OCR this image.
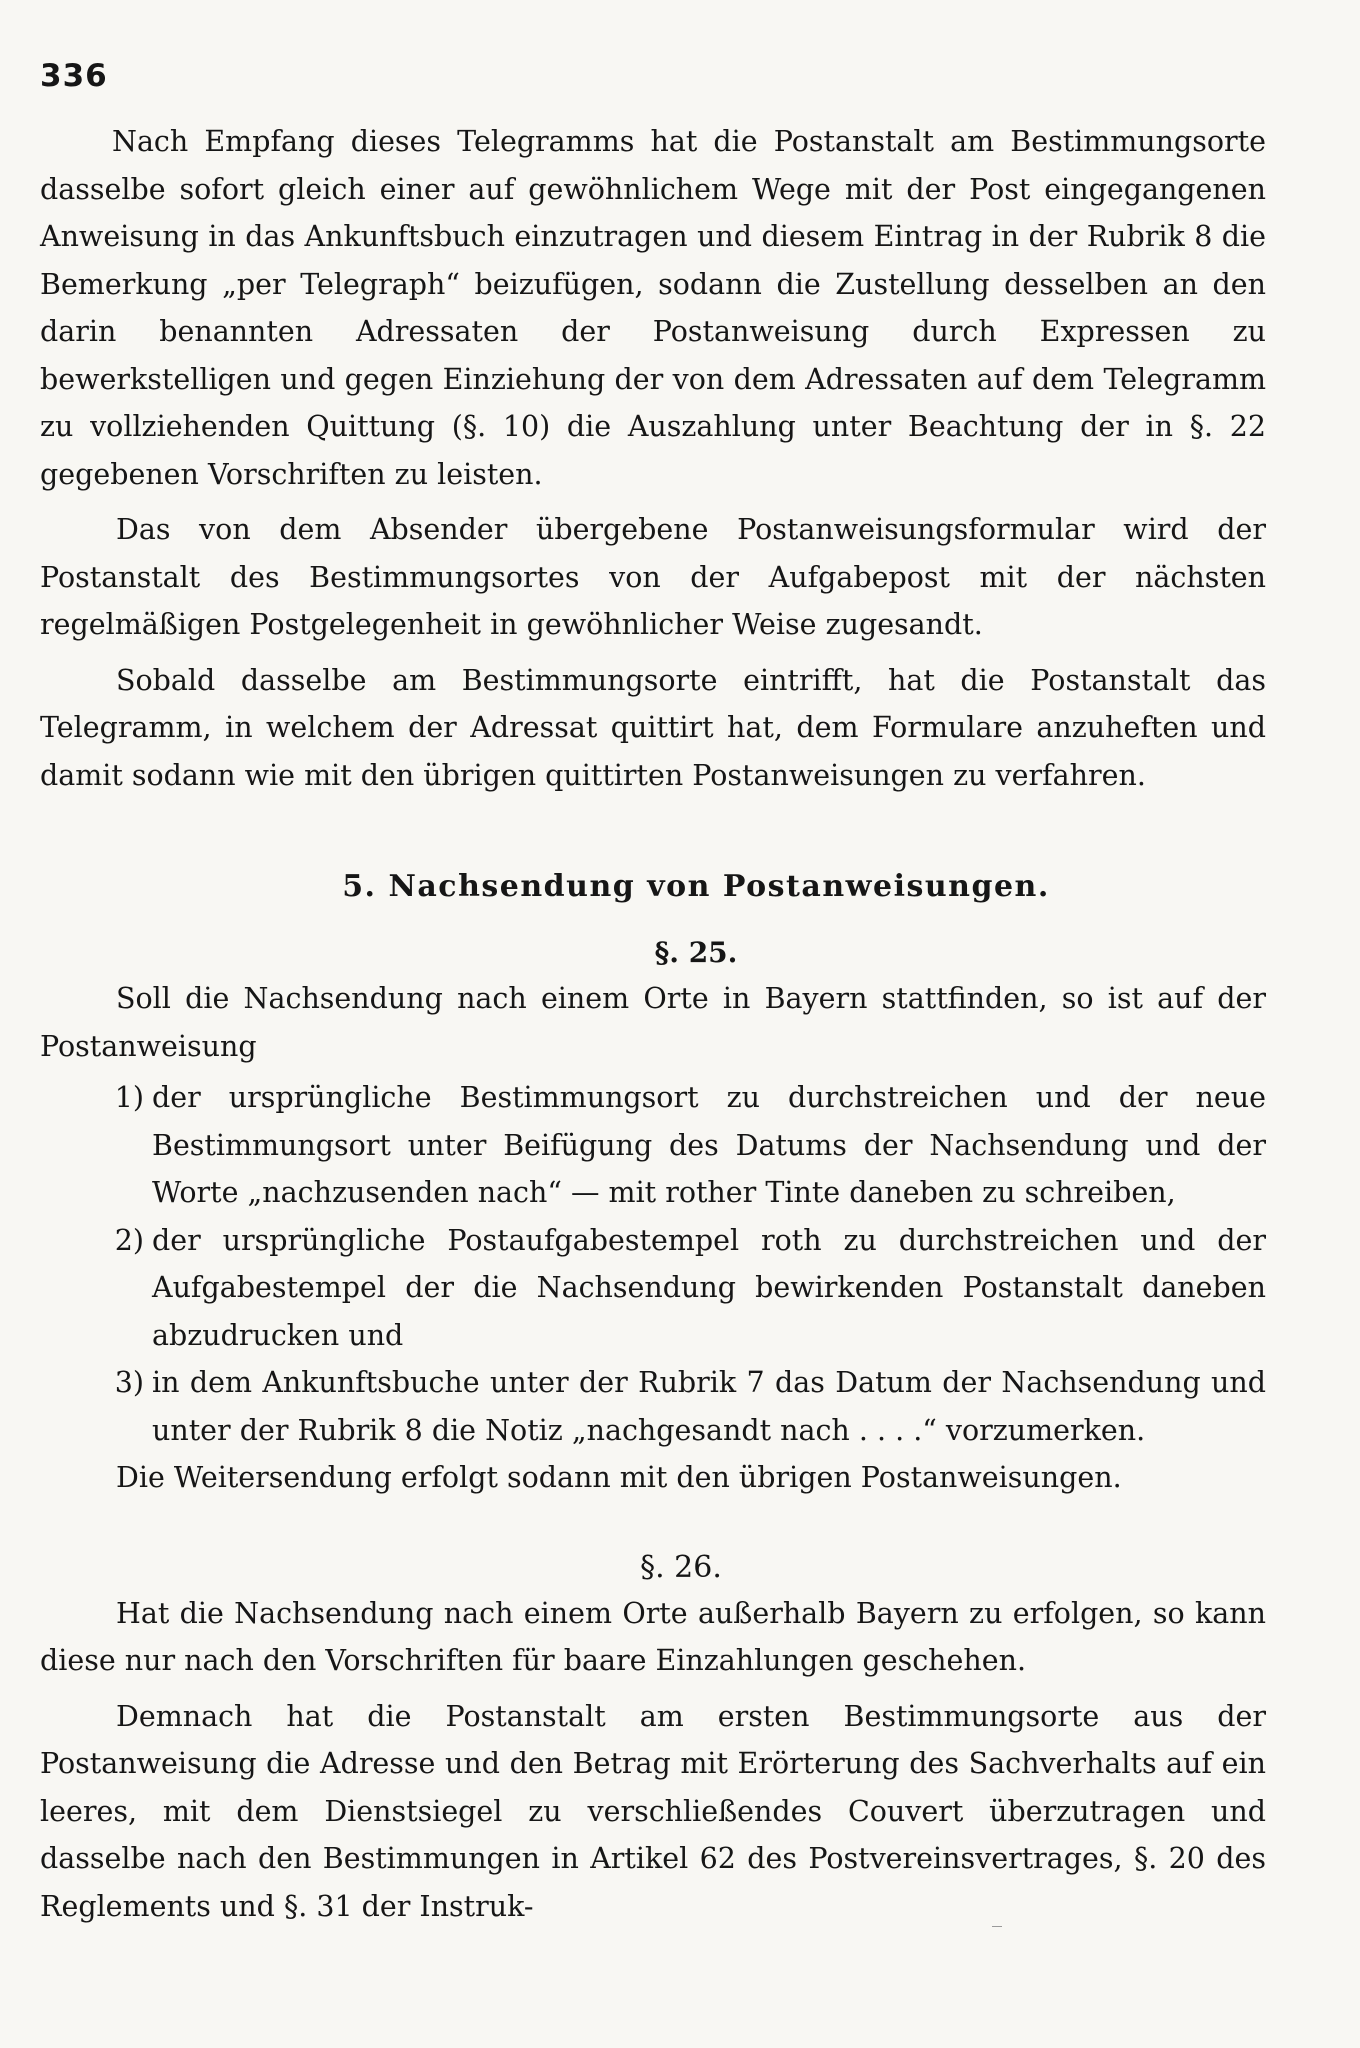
336

Nach Empfang dieses Telegramms hat die Postanstalt am Bestimmungsorte dasselbe sofort gleich einer auf gewöhnlichem Wege mit der Post eingegangenen Anweisung in das Ankunftsbuch einzutragen und diesem Eintrag in der Rubrik 8 die Bemerkung „per Telegraph“ beizufügen, sodann die Zustellung desselben an den darin benannten Adressaten der Postanweisung durch Expressen zu bewerkstelligen und gegen Einziehung der von dem Adressaten auf dem Telegramm zu vollziehenden Quittung (§. 10) die Auszahlung unter Beachtung der in §. 22 gegebenen Vorschriften zu leisten.

Das von dem Absender übergebene Postanweisungsformular wird der Postanstalt des Bestimmungsortes von der Aufgabepost mit der nächsten regelmäßigen Postgelegenheit in gewöhnlicher Weise zugesandt.

Sobald dasselbe am Bestimmungsorte eintrifft, hat die Postanstalt das Telegramm, in welchem der Adressat quittirt hat, dem Formulare anzuheften und damit sodann wie mit den übrigen quittirten Postanweisungen zu verfahren.

5. Nachsendung von Postanweisungen.
§. 25.

Soll die Nachsendung nach einem Orte in Bayern stattfinden, so ist auf der Postanweisung

1) der ursprüngliche Bestimmungsort zu durchstreichen und der neue Bestimmungsort unter Beifügung des Datums der Nachsendung und der Worte „nachzusenden nach“ — mit rother Tinte daneben zu schreiben,
2) der ursprüngliche Postaufgabestempel roth zu durchstreichen und der Aufgabestempel der die Nachsendung bewirkenden Postanstalt daneben abzudrucken und
3) in dem Ankunftsbuche unter der Rubrik 7 das Datum der Nachsendung und unter der Rubrik 8 die Notiz „nachgesandt nach . . . .“ vorzumerken.

Die Weitersendung erfolgt sodann mit den übrigen Postanweisungen.

§. 26.

Hat die Nachsendung nach einem Orte außerhalb Bayern zu erfolgen, so kann diese nur nach den Vorschriften für baare Einzahlungen geschehen.

Demnach hat die Postanstalt am ersten Bestimmungsorte aus der Postanweisung die Adresse und den Betrag mit Erörterung des Sachverhalts auf ein leeres, mit dem Dienstsiegel zu verschließendes Couvert überzutragen und dasselbe nach den Bestimmungen in Artikel 62 des Postvereinsvertrages, §. 20 des Reglements und §. 31 der Instruk-
